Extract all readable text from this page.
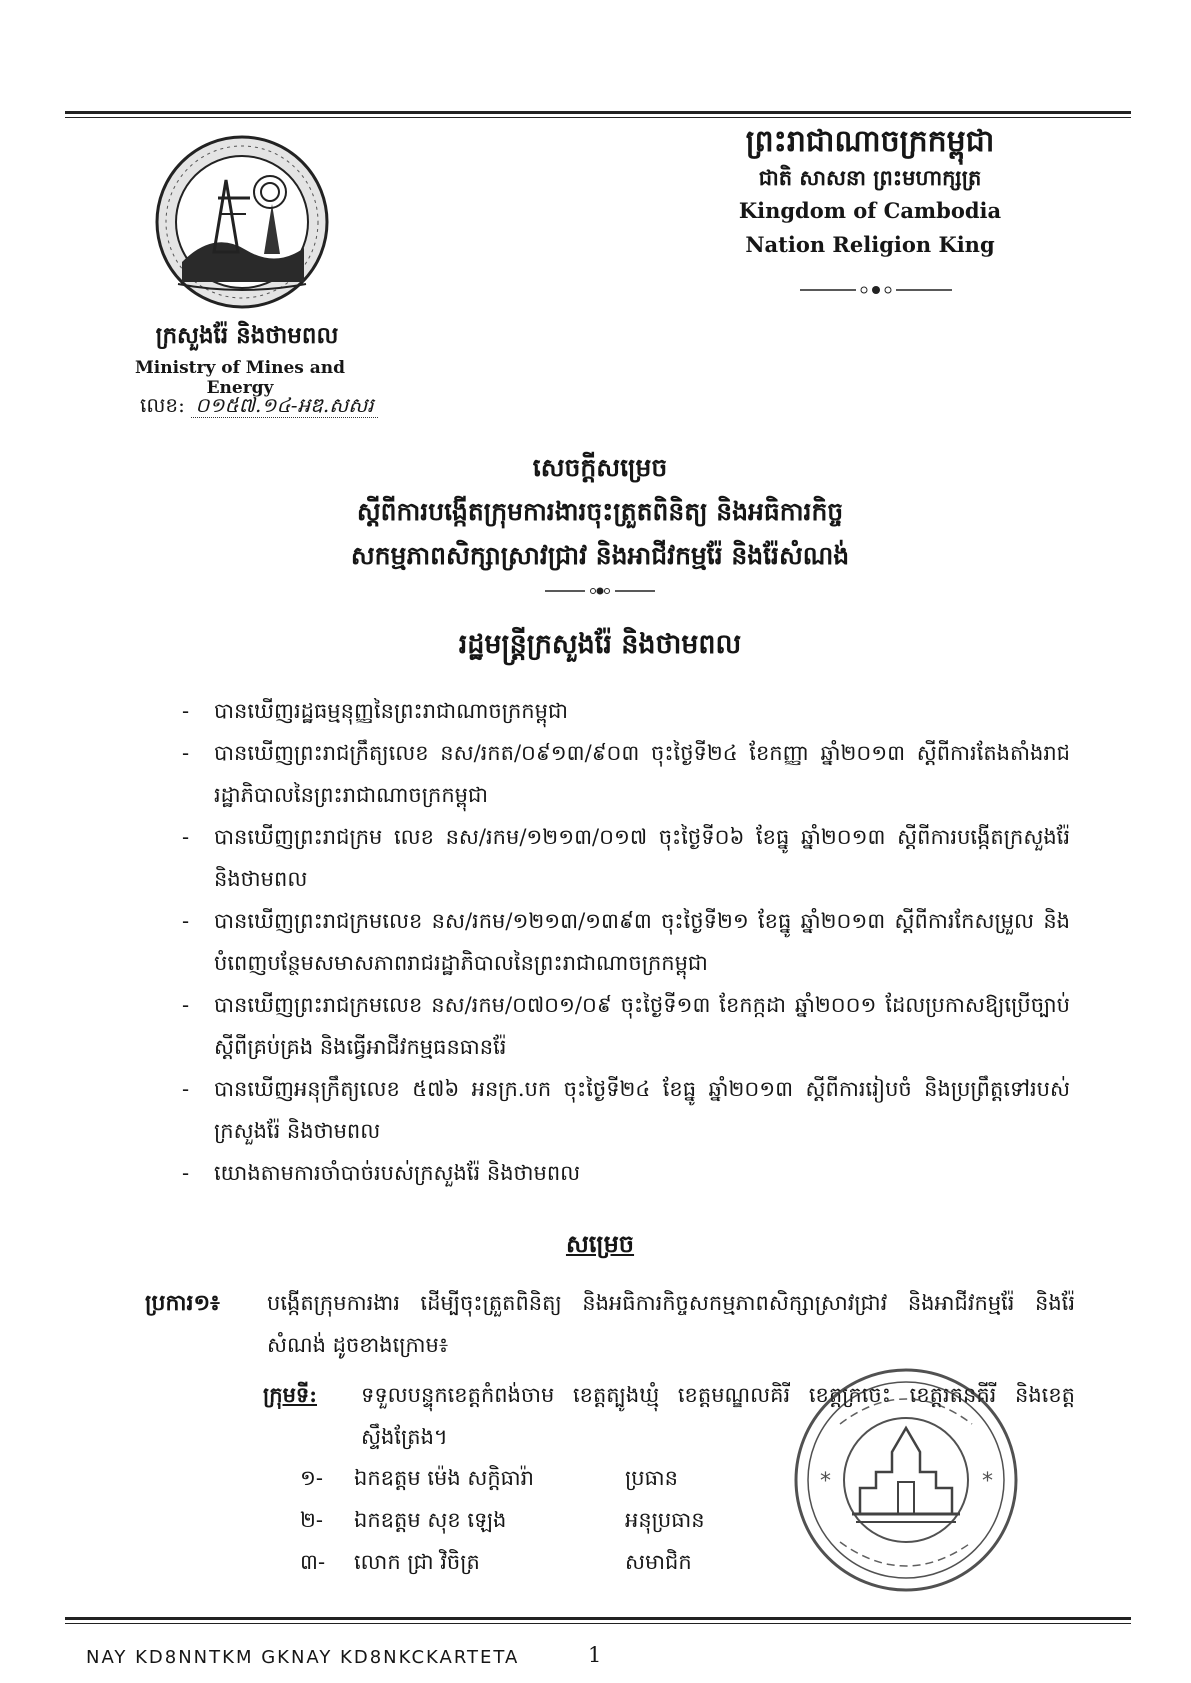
ក្រសួងរ៉ែ និងថាមពល
Ministry of Mines and Energy
លេខ: ០១៥៧.១៤-អឌ.សសរ
ព្រះរាជាណាចក្រកម្ពុជា
ជាតិ សាសនា ព្រះមហាក្សត្រ
Kingdom of Cambodia
Nation Religion King
សេចក្តីសម្រេច
ស្តីពីការបង្កើតក្រុមការងារចុះត្រួតពិនិត្យ និងអធិការកិច្ច
សកម្មភាពសិក្សាស្រាវជ្រាវ និងអាជីវកម្មរ៉ែ និងរ៉ែសំណង់
រដ្ឋមន្ត្រីក្រសួងរ៉ែ និងថាមពល
- បានឃើញរដ្ឋធម្មនុញ្ញនៃព្រះរាជាណាចក្រកម្ពុជា
- បានឃើញព្រះរាជក្រឹត្យលេខ នស/រកត/០៩១៣/៩០៣ ចុះថ្ងៃទី២៤ ខែកញ្ញា ឆ្នាំ២០១៣ ស្តីពីការតែងតាំងរាជរដ្ឋាភិបាលនៃព្រះរាជាណាចក្រកម្ពុជា
- បានឃើញព្រះរាជក្រម លេខ នស/រកម/១២១៣/០១៧ ចុះថ្ងៃទី០៦ ខែធ្នូ ឆ្នាំ២០១៣ ស្តីពីការបង្កើតក្រសួងរ៉ែ និងថាមពល
- បានឃើញព្រះរាជក្រមលេខ នស/រកម/១២១៣/១៣៩៣ ចុះថ្ងៃទី២១ ខែធ្នូ ឆ្នាំ២០១៣ ស្តីពីការកែសម្រួល និង បំពេញបន្ថែមសមាសភាពរាជរដ្ឋាភិបាលនៃព្រះរាជាណាចក្រកម្ពុជា
- បានឃើញព្រះរាជក្រមលេខ នស/រកម/០៧០១/០៩ ចុះថ្ងៃទី១៣ ខែកក្កដា ឆ្នាំ២០០១ ដែលប្រកាសឱ្យប្រើច្បាប់ស្តីពីគ្រប់គ្រង និងធ្វើអាជីវកម្មធនធានរ៉ែ
- បានឃើញអនុក្រឹត្យលេខ ៥៧៦ អនក្រ.បក ចុះថ្ងៃទី២៤ ខែធ្នូ ឆ្នាំ២០១៣ ស្តីពីការរៀបចំ និងប្រព្រឹត្តទៅរបស់ក្រសួងរ៉ែ និងថាមពល
- យោងតាមការចាំបាច់របស់ក្រសួងរ៉ែ និងថាមពល
សម្រេច
ប្រការ១៖ បង្កើតក្រុមការងារ ដើម្បីចុះត្រួតពិនិត្យ និងអធិការកិច្ចសកម្មភាពសិក្សាស្រាវជ្រាវ និងអាជីវកម្មរ៉ែ និងរ៉ែសំណង់ ដូចខាងក្រោម៖
ក្រុមទី: ទទួលបន្ទុកខេត្តកំពង់ចាម ខេត្តត្បូងឃ្មុំ ខេត្តមណ្ឌលគិរី ខេត្តក្រចេះ ខេត្តរតនគីរី និងខេត្តស្ទឹងត្រែង។
១- ឯកឧត្តម ម៉េង សក្តិធារ៉ា	ប្រធាន
២- ឯកឧត្តម សុខ ឡេង	អនុប្រធាន
៣- លោក ជ្រា វិចិត្រ	សមាជិក
*	*
NAY KD8NNTKM GKNAY KD8NKCKARTETA	1
